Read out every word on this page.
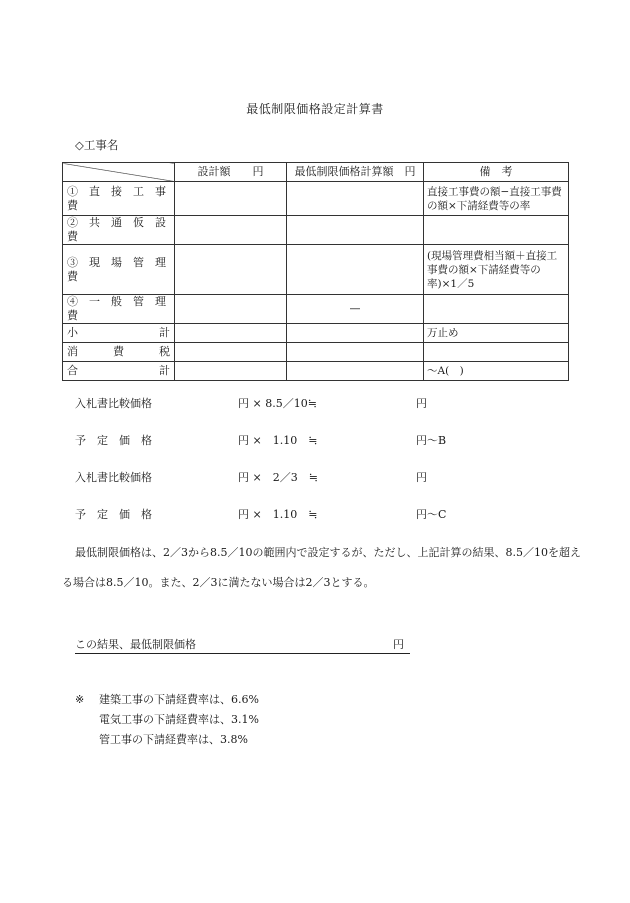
最低制限価格設定計算書
◇工事名
	設計額　　円	最低制限価格計算額　円	備　考
①　直　接　工　事　費			直接工事費の額−直接工事費の額×下請経費等の率
②　共　通　仮　設　費			
③　現　場　管　理　費			(現場管理費相当額＋直接工事費の額×下請経費等の率)×1／5
④　一　般　管　理　費		—	

小 計			万止め

消 費 税			

合 計			〜A(　)
入札書比較価格	円 × 8.5／10≒	円
予　定　価　格	円 ×　1.10　≒	円〜B
入札書比較価格	円 ×　2／3　≒	円
予　定　価　格	円 ×　1.10　≒	円〜C
最低制限価格は、2／3から8.5／10の範囲内で設定するが、ただし、上記計算の結果、8.5／10を超える場合は8.5／10。また、2／3に満たない場合は2／3とする。
この結果、最低制限価格	円
※ 建築工事の下請経費率は、6.6%
電気工事の下請経費率は、3.1%
管工事の下請経費率は、3.8%
